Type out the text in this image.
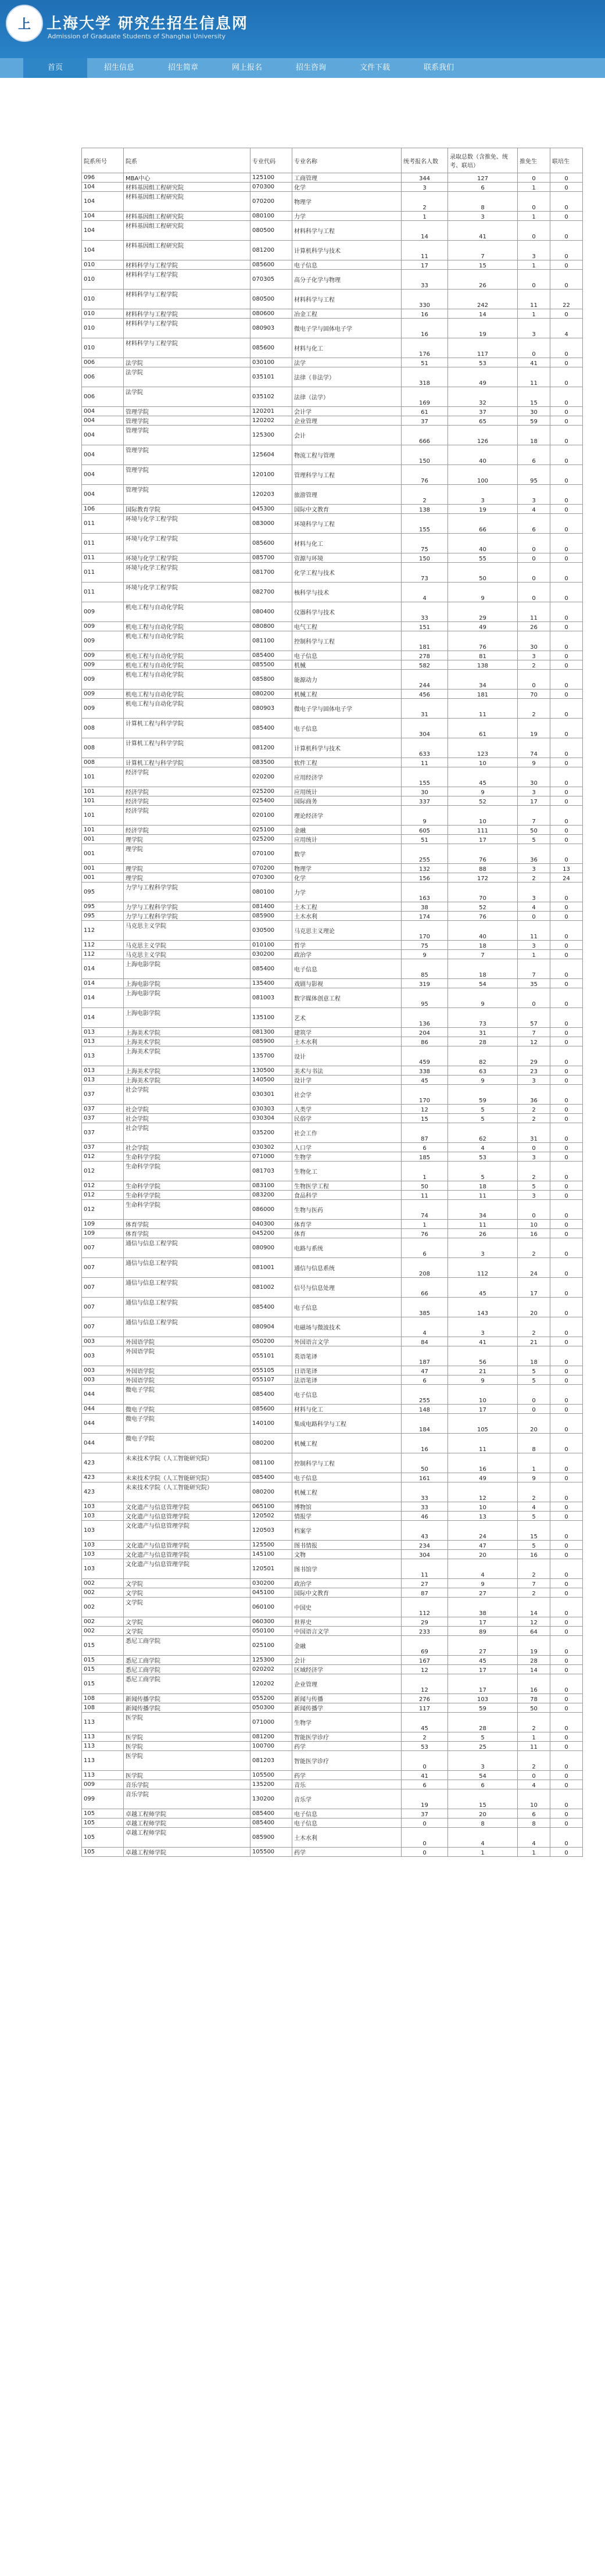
上	上海大学 研究生招生信息网
Admission of Graduate Students of Shanghai University
首页	招生信息	招生简章	网上报名	招生咨询	文件下载	联系我们
院系所号	院系	专业代码	专业名称	统考报名人数	录取总数（含推免、统考、联培）	推免生	联培生
096	MBA中心	125100	工商管理	344	127	0	0
104	材料基因组工程研究院	070300	化学	3	6	1	0
104	材料基因组工程研究院	070200	物理学	2	8	0	0
104	材料基因组工程研究院	080100	力学	1	3	1	0
104	材料基因组工程研究院	080500	材料科学与工程	14	41	0	0
104	材料基因组工程研究院	081200	计算机科学与技术	11	7	3	0
010	材料科学与工程学院	085600	电子信息	17	15	1	0
010	材料科学与工程学院	070305	高分子化学与物理	33	26	0	0
010	材料科学与工程学院	080500	材料科学与工程	330	242	11	22
010	材料科学与工程学院	080600	冶金工程	16	14	1	0
010	材料科学与工程学院	080903	微电子学与固体电子学	16	19	3	4
010	材料科学与工程学院	085600	材料与化工	176	117	0	0
006	法学院	030100	法学	51	53	41	0
006	法学院	035101	法律（非法学）	318	49	11	0
006	法学院	035102	法律（法学）	169	32	15	0
004	管理学院	120201	会计学	61	37	30	0
004	管理学院	120202	企业管理	37	65	59	0
004	管理学院	125300	会计	666	126	18	0
004	管理学院	125604	物流工程与管理	150	40	6	0
004	管理学院	120100	管理科学与工程	76	100	95	0
004	管理学院	120203	旅游管理	2	3	3	0
106	国际教育学院	045300	国际中文教育	138	19	4	0
011	环境与化学工程学院	083000	环境科学与工程	155	66	6	0
011	环境与化学工程学院	085600	材料与化工	75	40	0	0
011	环境与化学工程学院	085700	资源与环境	150	55	0	0
011	环境与化学工程学院	081700	化学工程与技术	73	50	0	0
011	环境与化学工程学院	082700	核科学与技术	4	9	0	0
009	机电工程与自动化学院	080400	仪器科学与技术	33	29	11	0
009	机电工程与自动化学院	080800	电气工程	151	49	26	0
009	机电工程与自动化学院	081100	控制科学与工程	181	76	30	0
009	机电工程与自动化学院	085400	电子信息	278	81	3	0
009	机电工程与自动化学院	085500	机械	582	138	2	0
009	机电工程与自动化学院	085800	能源动力	244	34	0	0
009	机电工程与自动化学院	080200	机械工程	456	181	70	0
009	机电工程与自动化学院	080903	微电子学与固体电子学	31	11	2	0
008	计算机工程与科学学院	085400	电子信息	304	61	19	0
008	计算机工程与科学学院	081200	计算机科学与技术	633	123	74	0
008	计算机工程与科学学院	083500	软件工程	11	10	9	0
101	经济学院	020200	应用经济学	155	45	30	0
101	经济学院	025200	应用统计	30	9	3	0
101	经济学院	025400	国际商务	337	52	17	0
101	经济学院	020100	理论经济学	9	10	7	0
101	经济学院	025100	金融	605	111	50	0
001	理学院	025200	应用统计	51	17	5	0
001	理学院	070100	数学	255	76	36	0
001	理学院	070200	物理学	132	88	3	13
001	理学院	070300	化学	156	172	2	24
095	力学与工程科学学院	080100	力学	163	70	3	0
095	力学与工程科学学院	081400	土木工程	38	52	4	0
095	力学与工程科学学院	085900	土木水利	174	76	0	0
112	马克思主义学院	030500	马克思主义理论	170	40	11	0
112	马克思主义学院	010100	哲学	75	18	3	0
112	马克思主义学院	030200	政治学	9	7	1	0
014	上海电影学院	085400	电子信息	85	18	7	0
014	上海电影学院	135400	戏剧与影视	319	54	35	0
014	上海电影学院	081003	数字媒体创意工程	95	9	0	0
014	上海电影学院	135100	艺术	136	73	57	0
013	上海美术学院	081300	建筑学	204	31	7	0
013	上海美术学院	085900	土木水利	86	28	12	0
013	上海美术学院	135700	设计	459	82	29	0
013	上海美术学院	130500	美术与书法	338	63	23	0
013	上海美术学院	140500	设计学	45	9	3	0
037	社会学院	030301	社会学	170	59	36	0
037	社会学院	030303	人类学	12	5	2	0
037	社会学院	030304	民俗学	15	5	2	0
037	社会学院	035200	社会工作	87	62	31	0
037	社会学院	030302	人口学	6	4	0	0
012	生命科学学院	071000	生物学	185	53	3	0
012	生命科学学院	081703	生物化工	1	5	2	0
012	生命科学学院	083100	生物医学工程	50	18	5	0
012	生命科学学院	083200	食品科学	11	11	3	0
012	生命科学学院	086000	生物与医药	74	34	0	0
109	体育学院	040300	体育学	1	11	10	0
109	体育学院	045200	体育	76	26	16	0
007	通信与信息工程学院	080900	电路与系统	6	3	2	0
007	通信与信息工程学院	081001	通信与信息系统	208	112	24	0
007	通信与信息工程学院	081002	信号与信息处理	66	45	17	0
007	通信与信息工程学院	085400	电子信息	385	143	20	0
007	通信与信息工程学院	080904	电磁场与微波技术	4	3	2	0
003	外国语学院	050200	外国语言文学	84	41	21	0
003	外国语学院	055101	英语笔译	187	56	18	0
003	外国语学院	055105	日语笔译	47	21	5	0
003	外国语学院	055107	法语笔译	6	9	5	0
044	微电子学院	085400	电子信息	255	10	0	0
044	微电子学院	085600	材料与化工	148	17	0	0
044	微电子学院	140100	集成电路科学与工程	184	105	20	0
044	微电子学院	080200	机械工程	16	11	8	0
423	未来技术学院（人工智能研究院）	081100	控制科学与工程	50	16	1	0
423	未来技术学院（人工智能研究院）	085400	电子信息	161	49	9	0
423	未来技术学院（人工智能研究院）	080200	机械工程	33	12	2	0
103	文化遗产与信息管理学院	065100	博物馆	33	10	4	0
103	文化遗产与信息管理学院	120502	情报学	46	13	5	0
103	文化遗产与信息管理学院	120503	档案学	43	24	15	0
103	文化遗产与信息管理学院	125500	图书情报	234	47	5	0
103	文化遗产与信息管理学院	145100	文物	304	20	16	0
103	文化遗产与信息管理学院	120501	图书馆学	11	4	2	0
002	文学院	030200	政治学	27	9	7	0
002	文学院	045100	国际中文教育	87	27	2	0
002	文学院	060100	中国史	112	38	14	0
002	文学院	060300	世界史	29	17	12	0
002	文学院	050100	中国语言文学	233	89	64	0
015	悉尼工商学院	025100	金融	69	27	19	0
015	悉尼工商学院	125300	会计	167	45	28	0
015	悉尼工商学院	020202	区域经济学	12	17	14	0
015	悉尼工商学院	120202	企业管理	12	17	16	0
108	新闻传播学院	055200	新闻与传播	276	103	78	0
108	新闻传播学院	050300	新闻传播学	117	59	50	0
113	医学院	071000	生物学	45	28	2	0
113	医学院	081200	智能医学诊疗	2	5	1	0
113	医学院	100700	药学	53	25	11	0
113	医学院	081203	智能医学诊疗	0	3	2	0
113	医学院	105500	药学	41	54	0	0
009	音乐学院	135200	音乐	6	6	4	0
099	音乐学院	130200	音乐学	19	15	10	0
105	卓越工程师学院	085400	电子信息	37	20	6	0
105	卓越工程师学院	085400	电子信息	0	8	8	0
105	卓越工程师学院	085900	土木水利	0	4	4	0
105	卓越工程师学院	105500	药学	0	1	1	0
